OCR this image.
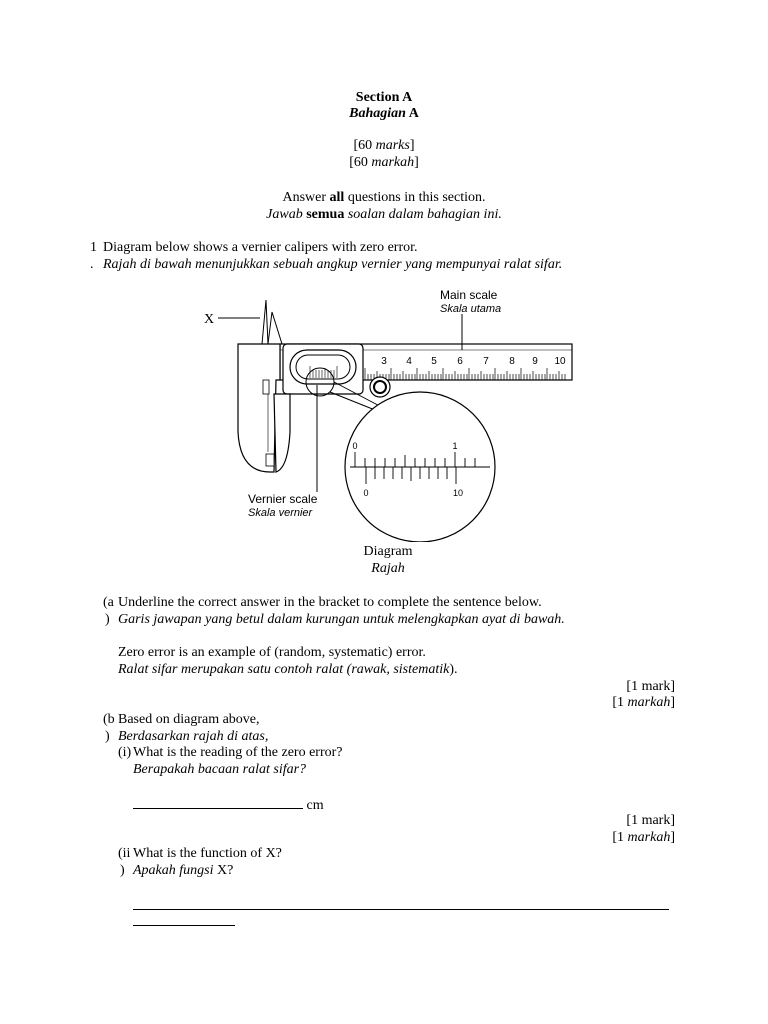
Section A
Bahagian A
[60 marks]
[60 markah]
Answer all questions in this section.
Jawab semua soalan dalam bahagian ini.
1
.
Diagram below shows a vernier calipers with zero error.
Rajah di bawah menunjukkan sebuah angkup vernier yang mempunyai ralat sifar.
X
3 4 5 6 7 8 9 10
Main scale
Skala utama
0	1
0	10
Vernier scale
Skala vernier
Diagram
Rajah
(a
)
Underline the correct answer in the bracket to complete the sentence below.
Garis jawapan yang betul dalam kurungan untuk melengkapkan ayat di bawah.
Zero error is an example of (random, systematic) error.
Ralat sifar merupakan satu contoh ralat (rawak, sistematik).
[1 mark]
[1 markah]
(b
)
Based on diagram above,
Berdasarkan rajah di atas,
(i) What is the reading of the zero error?
Berapakah bacaan ralat sifar?
cm
[1 mark]
[1 markah]
(ii
)
What is the function of X?
Apakah fungsi X?
